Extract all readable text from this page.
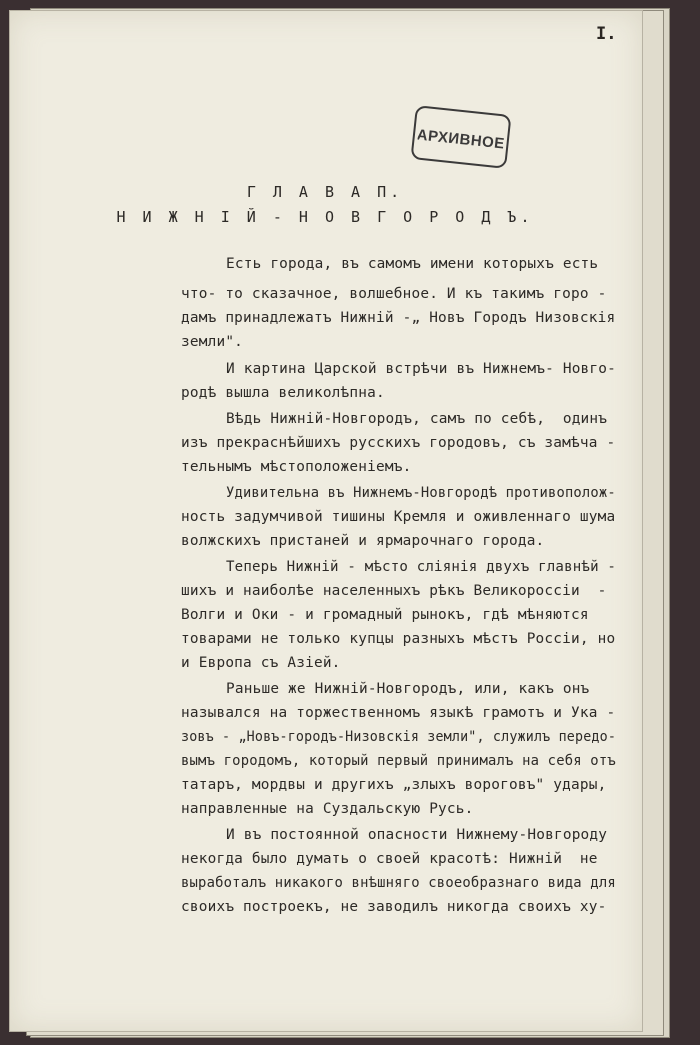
I.
АРХИВНОЕ
Г Л А В А П.
Н И Ж Н I Й - Н О В Г О Р О Д Ъ.
Есть города, въ самомъ имени которыхъ есть
что- то сказачное, волшебное. И къ такимъ горо -
дамъ принадлежатъ Нижнiй -„ Новъ Городъ Низовскiя
земли".
И картина Царской встрѣчи въ Нижнемъ- Новго-
родѣ вышла великолѣпна.
Вѣдь Нижнiй-Новгородъ, самъ по себѣ,  одинъ
изъ прекраснѣйшихъ русскихъ городовъ, съ замѣча -
тельнымъ мѣстоположенiемъ.
Удивительна въ Нижнемъ-Новгородѣ противополож-
ность задумчивой тишины Кремля и оживленнаго шума
волжскихъ пристаней и ярмарочнаго города.
Теперь Нижнiй - мѣсто слiянiя двухъ главнѣй -
шихъ и наиболѣе населенныхъ рѣкъ Великороссiи  -
Волги и Оки - и громадный рынокъ, гдѣ мѣняются
товарами не только купцы разныхъ мѣстъ Россiи, но
и Европа съ Азiей.
Раньше же Нижнiй-Новгородъ, или, какъ онъ
назывался на торжественномъ языкѣ грамотъ и Ука -
зовъ - „Новъ-городъ-Низовскiя земли", служилъ передо-
вымъ городомъ, который первый принималъ на себя отъ
татаръ, мордвы и другихъ „злыхъ вороговъ" удары,
направленные на Суздальскую Русь.
И въ постоянной опасности Нижнему-Новгороду
некогда было думать о своей красотѣ: Нижнiй  не
выработалъ никакого внѣшняго своеобразнаго вида для
своихъ построекъ, не заводилъ никогда своихъ ху-
